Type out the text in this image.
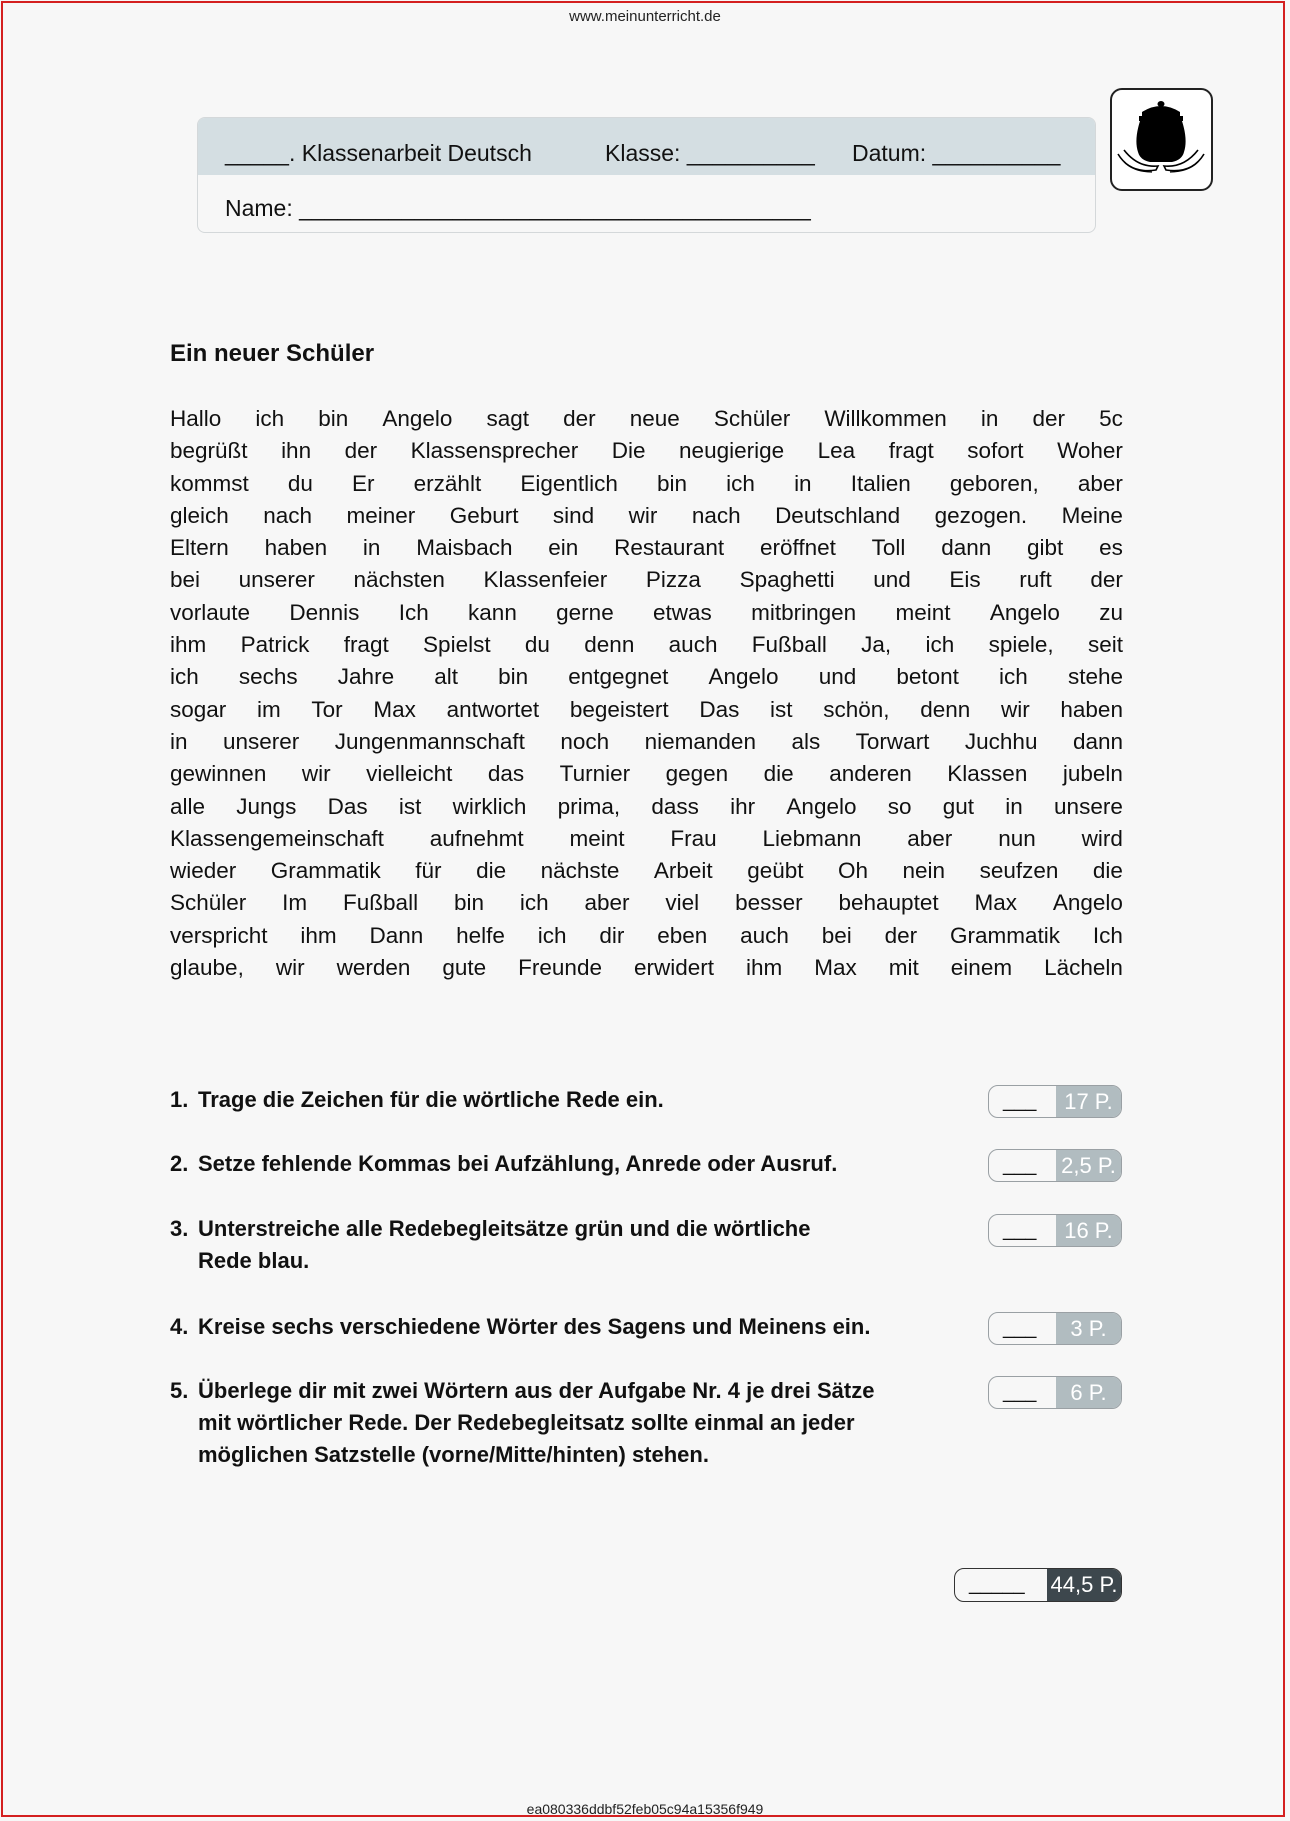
www.meinunterricht.de
_____. Klassenarbeit Deutsch	Klasse: __________ Datum: __________
Name: ________________________________________
Ein neuer Schüler
Hallo ich bin Angelo sagt der neue Schüler Willkommen in der 5c
begrüßt ihn der Klassensprecher Die neugierige Lea fragt sofort Woher
kommst du Er erzählt Eigentlich bin ich in Italien geboren, aber
gleich nach meiner Geburt sind wir nach Deutschland gezogen. Meine
Eltern haben in Maisbach ein Restaurant eröffnet Toll dann gibt es
bei unserer nächsten Klassenfeier Pizza Spaghetti und Eis ruft der
vorlaute Dennis Ich kann gerne etwas mitbringen meint Angelo zu
ihm Patrick fragt Spielst du denn auch Fußball Ja, ich spiele, seit
ich sechs Jahre alt bin entgegnet Angelo und betont ich stehe
sogar im Tor Max antwortet begeistert Das ist schön, denn wir haben
in unserer Jungenmannschaft noch niemanden als Torwart Juchhu dann
gewinnen wir vielleicht das Turnier gegen die anderen Klassen jubeln
alle Jungs Das ist wirklich prima, dass ihr Angelo so gut in unsere
Klassengemeinschaft aufnehmt meint Frau Liebmann aber nun wird
wieder Grammatik für die nächste Arbeit geübt Oh nein seufzen die
Schüler Im Fußball bin ich aber viel besser behauptet Max Angelo
verspricht ihm Dann helfe ich dir eben auch bei der Grammatik Ich
glaube, wir werden gute Freunde erwidert ihm Max mit einem Lächeln
1. Trage die Zeichen für die wörtliche Rede ein.	___	17 P.
2. Setze fehlende Kommas bei Aufzählung, Anrede oder Ausruf.	___ 2,5 P.
3. Unterstreiche alle Redebegleitsätze grün und die wörtliche
Rede blau.
___	16 P.
4. Kreise sechs verschiedene Wörter des Sagens und Meinens ein.	___	3 P.
5. Überlege dir mit zwei Wörtern aus der Aufgabe Nr. 4 je drei Sätze
mit wörtlicher Rede. Der Redebegleitsatz sollte einmal an jeder
möglichen Satzstelle (vorne/Mitte/hinten) stehen.
___	6 P.
_____ 44,5 P.
ea080336ddbf52feb05c94a15356f949
